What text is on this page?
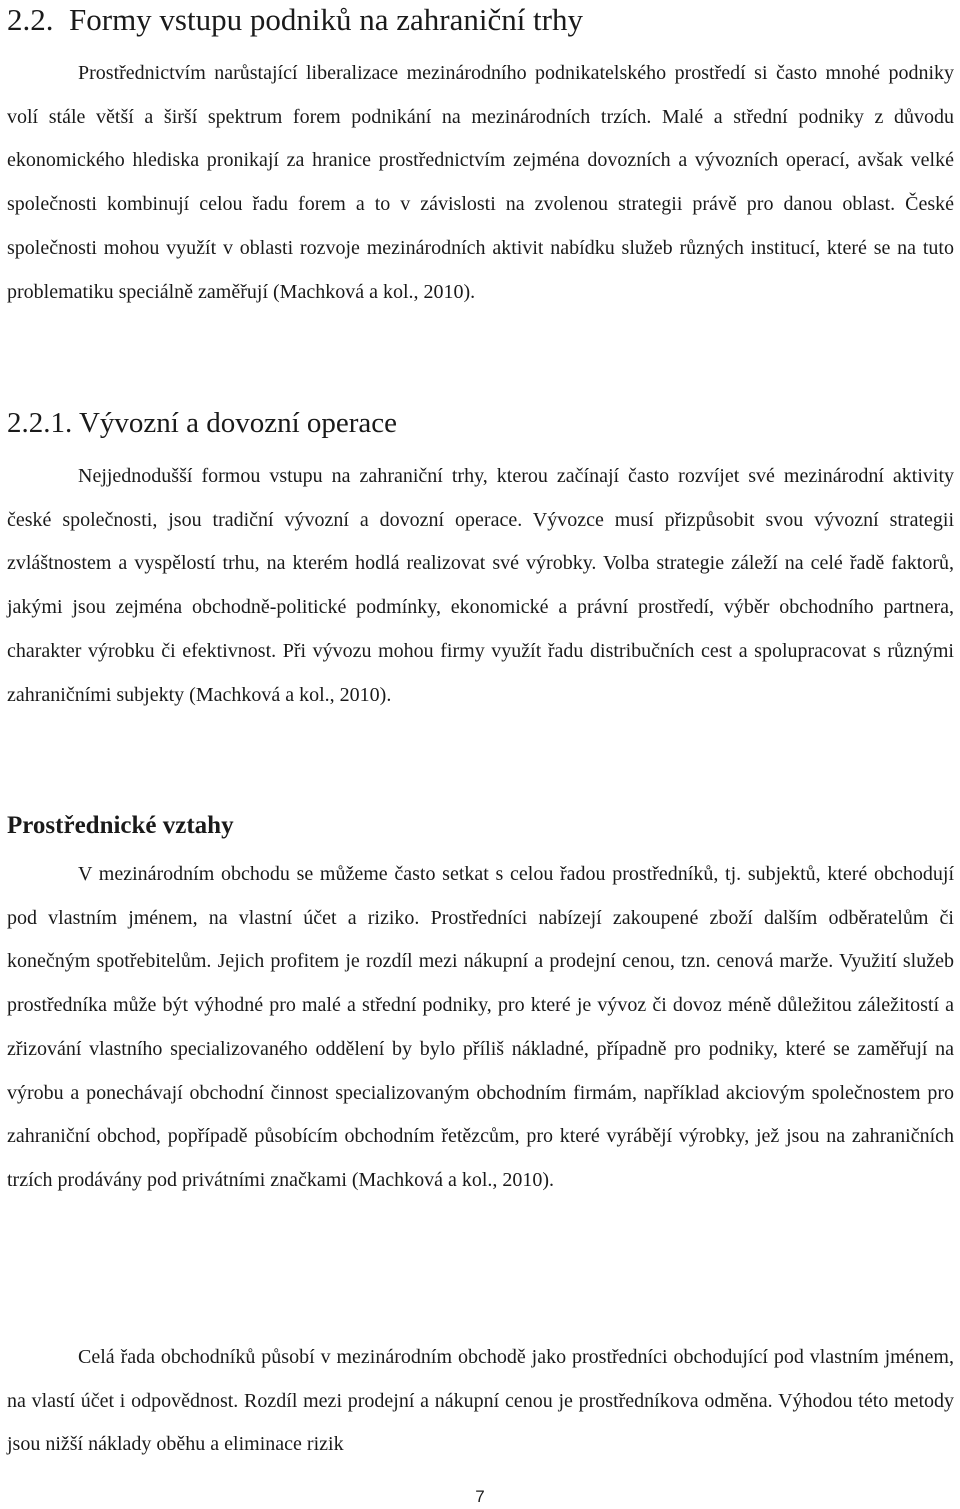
2.2. Formy vstupu podniků na zahraniční trhy

Prostřednictvím narůstající liberalizace mezinárodního podnikatelského prostředí si často mnohé podniky volí stále větší a širší spektrum forem podnikání na mezinárodních trzích. Malé a střední podniky z důvodu ekonomického hlediska pronikají za hranice prostřednictvím zejména dovozních a vývozních operací, avšak velké společnosti kombinují celou řadu forem a to v závislosti na zvolenou strategii právě pro danou oblast. České společnosti mohou využít v oblasti rozvoje mezinárodních aktivit nabídku služeb různých institucí, které se na tuto problematiku speciálně zaměřují (Machková a kol., 2010).

2.2.1. Vývozní a dovozní operace

Nejjednodušší formou vstupu na zahraniční trhy, kterou začínají často rozvíjet své mezinárodní aktivity české společnosti, jsou tradiční vývozní a dovozní operace. Vývozce musí přizpůsobit svou vývozní strategii zvláštnostem a vyspělostí trhu, na kterém hodlá realizovat své výrobky. Volba strategie záleží na celé řadě faktorů, jakými jsou zejména obchodně-politické podmínky, ekonomické a právní prostředí, výběr obchodního partnera, charakter výrobku či efektivnost. Při vývozu mohou firmy využít řadu distribučních cest a spolupracovat s různými zahraničními subjekty (Machková a kol., 2010).

Prostřednické vztahy

V mezinárodním obchodu se můžeme často setkat s celou řadou prostředníků, tj. subjektů, které obchodují pod vlastním jménem, na vlastní účet a riziko. Prostředníci nabízejí zakoupené zboží dalším odběratelům či konečným spotřebitelům. Jejich profitem je rozdíl mezi nákupní a prodejní cenou, tzn. cenová marže. Využití služeb prostředníka může být výhodné pro malé a střední podniky, pro které je vývoz či dovoz méně důležitou záležitostí a zřizování vlastního specializovaného oddělení by bylo příliš nákladné, případně pro podniky, které se zaměřují na výrobu a ponechávají obchodní činnost specializovaným obchodním firmám, například akciovým společnostem pro zahraniční obchod, popřípadě působícím obchodním řetězcům, pro které vyrábějí výrobky, jež jsou na zahraničních trzích prodávány pod privátními značkami (Machková a kol., 2010).

Celá řada obchodníků působí v mezinárodním obchodě jako prostředníci obchodující pod vlastním jménem, na vlastí účet i odpovědnost. Rozdíl mezi prodejní a nákupní cenou je prostředníkova odměna. Výhodou této metody jsou nižší náklady oběhu a eliminace rizik

7
